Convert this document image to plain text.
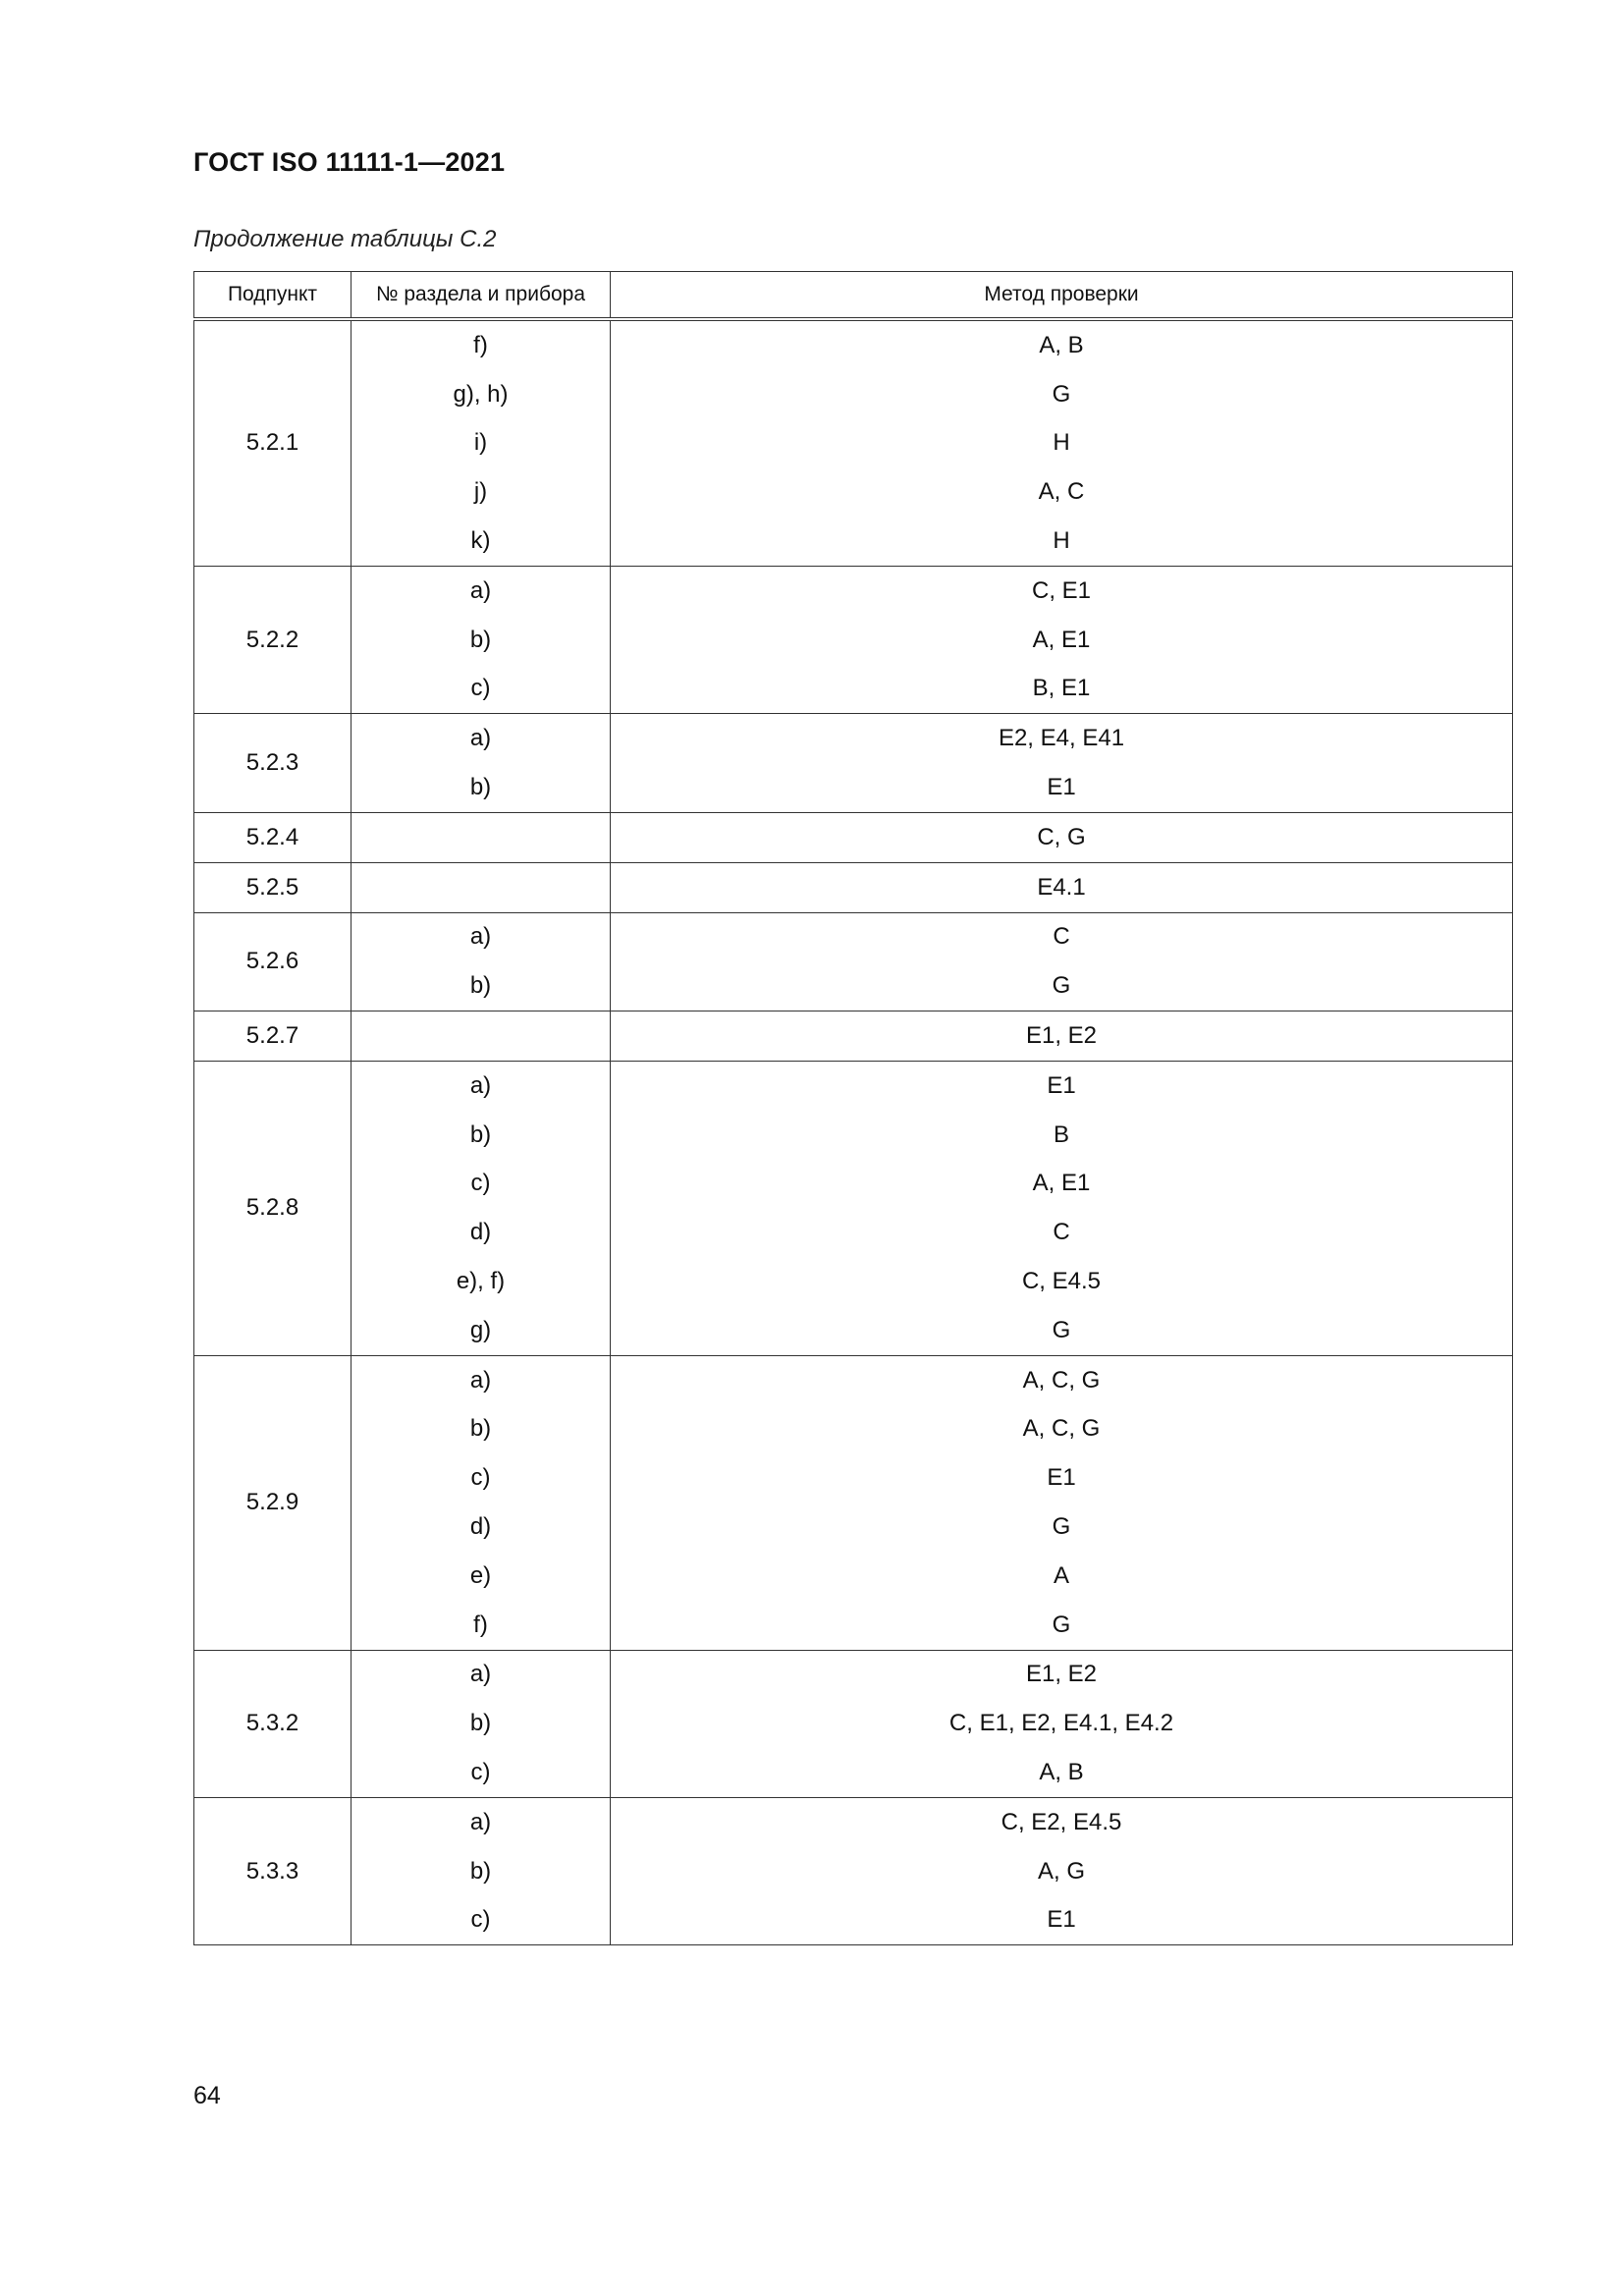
ГОСТ ISO 11111-1—2021
Продолжение таблицы С.2
Подпункт	№ раздела и прибора	Метод проверки
5.2.1	f)	A, B
	g), h)	G
	i)	H
	j)	A, C
	k)	H
5.2.2	a)	C, E1
	b)	A, E1
	c)	B, E1
5.2.3	a)	E2, E4, E41
	b)	E1
5.2.4		C, G
5.2.5		E4.1
5.2.6	a)	C
	b)	G
5.2.7		E1, E2
5.2.8	a)	E1
	b)	B
	c)	A, E1
	d)	C
	e), f)	C, E4.5
	g)	G
5.2.9	a)	A, C, G
	b)	A, C, G
	c)	E1
	d)	G
	e)	A
	f)	G
5.3.2	a)	E1, E2
	b)	C, E1, E2, E4.1, E4.2
	c)	A, B
5.3.3	a)	C, E2, E4.5
	b)	A, G
	c)	E1
64
